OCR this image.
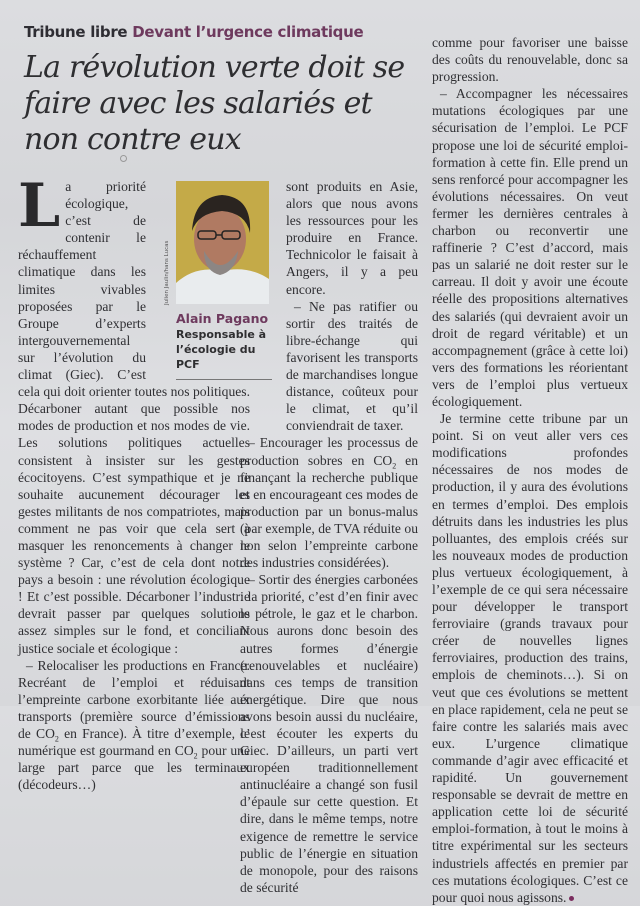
Tribune libre Devant l’urgence climatique
La révolution verte doit se faire avec les salariés et non contre eux

La priorité écologique, c’est de contenir le réchauffement climatique dans les limites vivables proposées par le Groupe d’experts intergouvernemental sur l’évolution du climat (Giec). C’est cela qui doit orienter toutes nos politiques. Décarboner autant que possible nos modes de production et nos modes de vie. Les solutions politiques actuelles consistent à insister sur les gestes écocitoyens. C’est sympathique et je ne souhaite aucunement décourager les gestes militants de nos compatriotes, mais comment ne pas voir que cela sert à masquer les renoncements à changer le système ? Car, c’est de cela dont notre pays a besoin : une révolution écologique ! Et c’est possible. Décarboner l’industrie devrait passer par quelques solutions assez simples sur le fond, et conciliant justice sociale et écologique :

– Relocaliser les productions en France. Recréant de l’emploi et réduisant l’empreinte carbone exorbitante liée aux transports (première source d’émissions de $CO_2$ en France). À titre d’exemple, le numérique est gourmand en $CO_2$ pour une large part parce que les terminaux (décodeurs…)

sont produits en Asie, alors que nous avons les ressources pour les produire en France. Technicolor le faisait à Angers, il y a peu encore.

– Ne pas ratifier ou sortir des traités de libre-échange qui favorisent les transports de marchandises longue distance, coûteux pour le climat, et qu’il conviendrait de taxer.

– Encourager les processus de production sobres en $CO_2$ en finançant la recherche publique et en encourageant ces modes de production par un bonus-malus (par exemple, de TVA réduite ou non selon l’empreinte carbone des industries considérées).

– Sortir des énergies carbonées : la priorité, c’est d’en finir avec le pétrole, le gaz et le charbon. Nous aurons donc besoin des autres formes d’énergie (renouvelables et nucléaire) dans ces temps de transition énergétique. Dire que nous avons besoin aussi du nucléaire, c’est écouter les experts du Giec. D’ailleurs, un parti vert européen traditionnellement antinucléaire a changé son fusil d’épaule sur cette question. Et dire, dans le même temps, notre exigence de remettre le service public de l’énergie en situation de monopole, pour des raisons de sécurité

Julien Jaulin/hans Lucas
Alain Pagano
Responsable à l’écologie du PCF

comme pour favoriser une baisse des coûts du renouvelable, donc sa progression.

– Accompagner les nécessaires mutations écologiques par une sécurisation de l’emploi. Le PCF propose une loi de sécurité emploi- formation à cette fin. Elle prend un sens renforcé pour accompagner les évolutions nécessaires. On veut fermer les dernières centrales à charbon ou reconvertir une raffinerie ? C’est d’accord, mais pas un salarié ne doit rester sur le carreau. Il doit y avoir une écoute réelle des propositions alternatives des salariés (qui devraient avoir un droit de regard véritable) et un accompagnement (grâce à cette loi) vers des formations les réorientant vers de l’emploi plus vertueux écologiquement.

Je termine cette tribune par un point. Si on veut aller vers ces modifications profondes nécessaires de nos modes de production, il y aura des évolutions en termes d’emploi. Des emplois détruits dans les industries les plus polluantes, des emplois créés sur les nouveaux modes de production plus vertueux écologiquement, à l’exemple de ce qui sera nécessaire pour développer le transport ferroviaire (grands travaux pour créer de nouvelles lignes ferroviaires, production des trains, emplois de cheminots…). Si on veut que ces évolutions se mettent en place rapidement, cela ne peut se faire contre les salariés mais avec eux. L’urgence climatique commande d’agir avec efficacité et rapidité. Un gouvernement responsable se devrait de mettre en application cette loi de sécurité emploi-formation, à tout le moins à titre expérimental sur les secteurs industriels affectés en premier par ces mutations écologiques. C’est ce pour quoi nous agissons.
